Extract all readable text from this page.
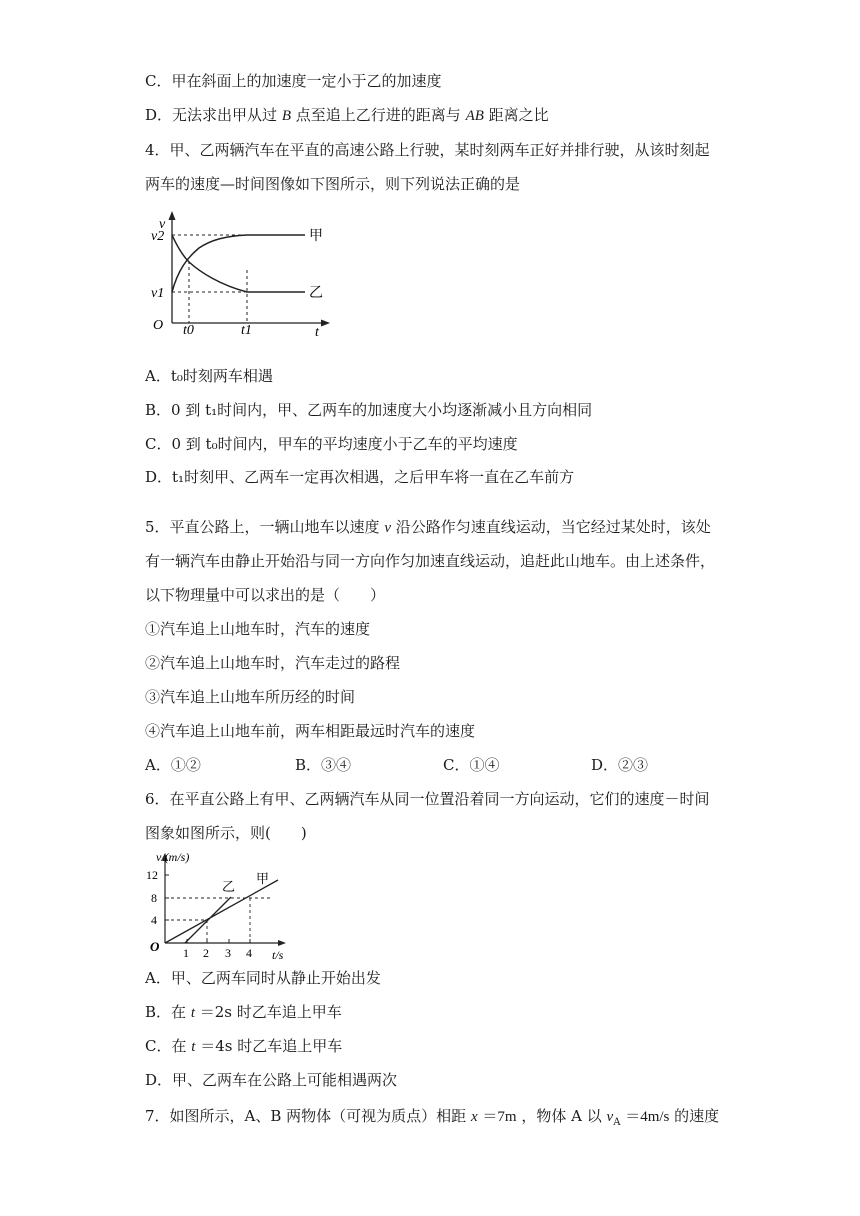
C．甲在斜面上的加速度一定小于乙的加速度
D．无法求出甲从过 B 点至追上乙行进的距离与 AB 距离之比
4．甲、乙两辆汽车在平直的高速公路上行驶，某时刻两车正好并排行驶，从该时刻起
两车的速度—时间图像如下图所示，则下列说法正确的是
v
v2
v1
O t0	t1	t
甲
乙
A．t₀时刻两车相遇
B．0 到 t₁时间内，甲、乙两车的加速度大小均逐渐减小且方向相同
C．0 到 t₀时间内，甲车的平均速度小于乙车的平均速度
D．t₁时刻甲、乙两车一定再次相遇，之后甲车将一直在乙车前方
5．平直公路上，一辆山地车以速度 v 沿公路作匀速直线运动，当它经过某处时，该处
有一辆汽车由静止开始沿与同一方向作匀加速直线运动，追赶此山地车。由上述条件，
以下物理量中可以求出的是（　　）
①汽车追上山地车时，汽车的速度
②汽车追上山地车时，汽车走过的路程
③汽车追上山地车所历经的时间
④汽车追上山地车前，两车相距最远时汽车的速度
A．①②	B．③④	C．①④	D．②③
6．在平直公路上有甲、乙两辆汽车从同一位置沿着同一方向运动，它们的速度－时间
图象如图所示，则(　　)
v/(m/s)
12
8
4
O 1 2 3 4 t/s
乙
甲
A．甲、乙两车同时从静止开始出发
B．在 t ＝2s 时乙车追上甲车
C．在 t ＝4s 时乙车追上甲车
D．甲、乙两车在公路上可能相遇两次
7．如图所示，A、B 两物体（可视为质点）相距 x ＝7m ，物体 A 以 $v_A =4m/s$ 的速度
